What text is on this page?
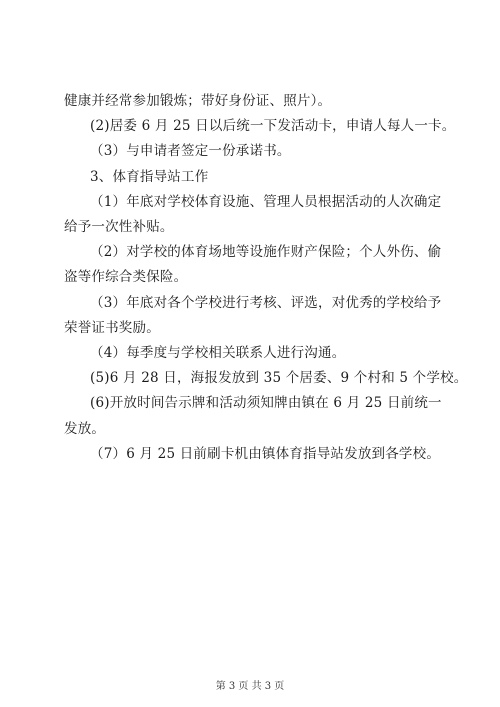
健康并经常参加锻炼；带好身份证、照片）。
(2)居委 6 月 25 日以后统一下发活动卡，申请人每人一卡。
（3）与申请者签定一份承诺书。
3、体育指导站工作
（1）年底对学校体育设施、管理人员根据活动的人次确定
给予一次性补贴。
（2）对学校的体育场地等设施作财产保险；个人外伤、偷
盗等作综合类保险。
（3）年底对各个学校进行考核、评选，对优秀的学校给予
荣誉证书奖励。
（4）每季度与学校相关联系人进行沟通。
(5)6 月 28 日，海报发放到 35 个居委、9 个村和 5 个学校。
(6)开放时间告示牌和活动须知牌由镇在 6 月 25 日前统一
发放。
（7）6 月 25 日前刷卡机由镇体育指导站发放到各学校。
第 3 页 共 3 页
